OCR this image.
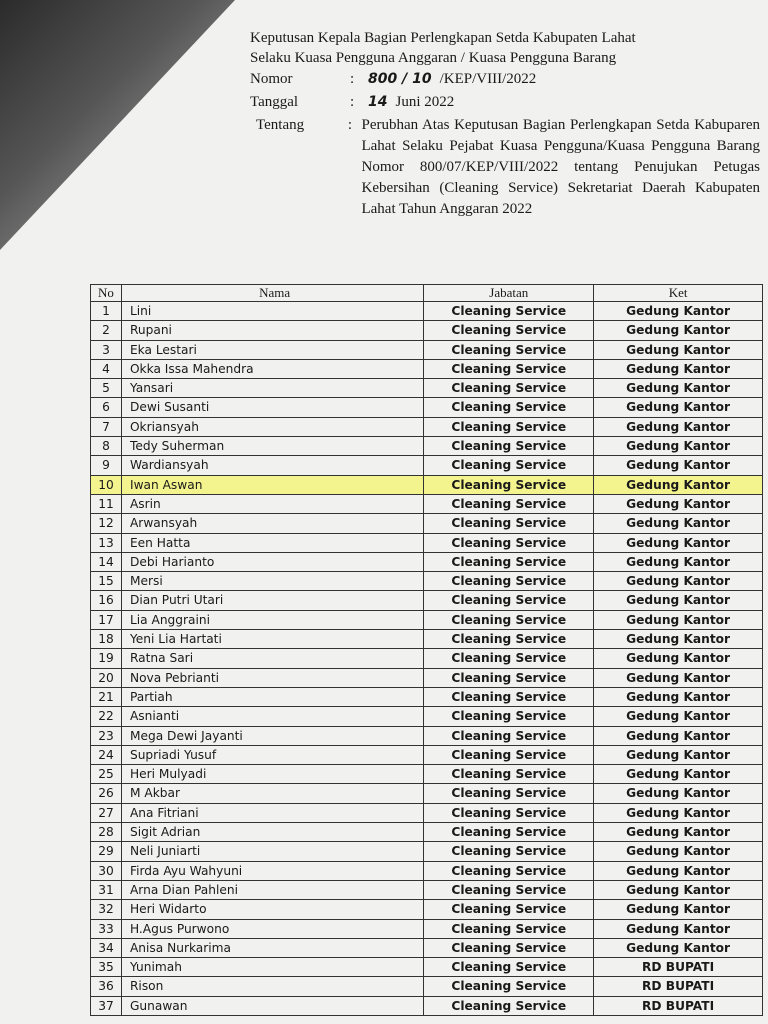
Keputusan Kepala Bagian Perlengkapan Setda Kabupaten Lahat
Selaku Kuasa Pengguna Anggaran / Kuasa Pengguna Barang
Nomor	: 800 / 10 /KEP/VIII/2022
Tanggal	: 14 Juni 2022
Tentang	: Perubhan Atas Keputusan Bagian Perlengkapan Setda Kabuparen Lahat Selaku Pejabat Kuasa Pengguna/Kuasa Pengguna Barang Nomor 800/07/KEP/VIII/2022 tentang Penujukan Petugas Kebersihan (Cleaning Service) Sekretariat Daerah Kabupaten Lahat Tahun Anggaran 2022
No	Nama	Jabatan	Ket
1	Lini	Cleaning Service	Gedung Kantor
2	Rupani	Cleaning Service	Gedung Kantor
3	Eka Lestari	Cleaning Service	Gedung Kantor
4	Okka Issa Mahendra	Cleaning Service	Gedung Kantor
5	Yansari	Cleaning Service	Gedung Kantor
6	Dewi Susanti	Cleaning Service	Gedung Kantor
7	Okriansyah	Cleaning Service	Gedung Kantor
8	Tedy Suherman	Cleaning Service	Gedung Kantor
9	Wardiansyah	Cleaning Service	Gedung Kantor
10	Iwan Aswan	Cleaning Service	Gedung Kantor
11	Asrin	Cleaning Service	Gedung Kantor
12	Arwansyah	Cleaning Service	Gedung Kantor
13	Een Hatta	Cleaning Service	Gedung Kantor
14	Debi Harianto	Cleaning Service	Gedung Kantor
15	Mersi	Cleaning Service	Gedung Kantor
16	Dian Putri Utari	Cleaning Service	Gedung Kantor
17	Lia Anggraini	Cleaning Service	Gedung Kantor
18	Yeni Lia Hartati	Cleaning Service	Gedung Kantor
19	Ratna Sari	Cleaning Service	Gedung Kantor
20	Nova Pebrianti	Cleaning Service	Gedung Kantor
21	Partiah	Cleaning Service	Gedung Kantor
22	Asnianti	Cleaning Service	Gedung Kantor
23	Mega Dewi Jayanti	Cleaning Service	Gedung Kantor
24	Supriadi Yusuf	Cleaning Service	Gedung Kantor
25	Heri Mulyadi	Cleaning Service	Gedung Kantor
26	M Akbar	Cleaning Service	Gedung Kantor
27	Ana Fitriani	Cleaning Service	Gedung Kantor
28	Sigit Adrian	Cleaning Service	Gedung Kantor
29	Neli Juniarti	Cleaning Service	Gedung Kantor
30	Firda Ayu Wahyuni	Cleaning Service	Gedung Kantor
31	Arna Dian Pahleni	Cleaning Service	Gedung Kantor
32	Heri Widarto	Cleaning Service	Gedung Kantor
33	H.Agus Purwono	Cleaning Service	Gedung Kantor
34	Anisa Nurkarima	Cleaning Service	Gedung Kantor
35	Yunimah	Cleaning Service	RD BUPATI
36	Rison	Cleaning Service	RD BUPATI
37	Gunawan	Cleaning Service	RD BUPATI
